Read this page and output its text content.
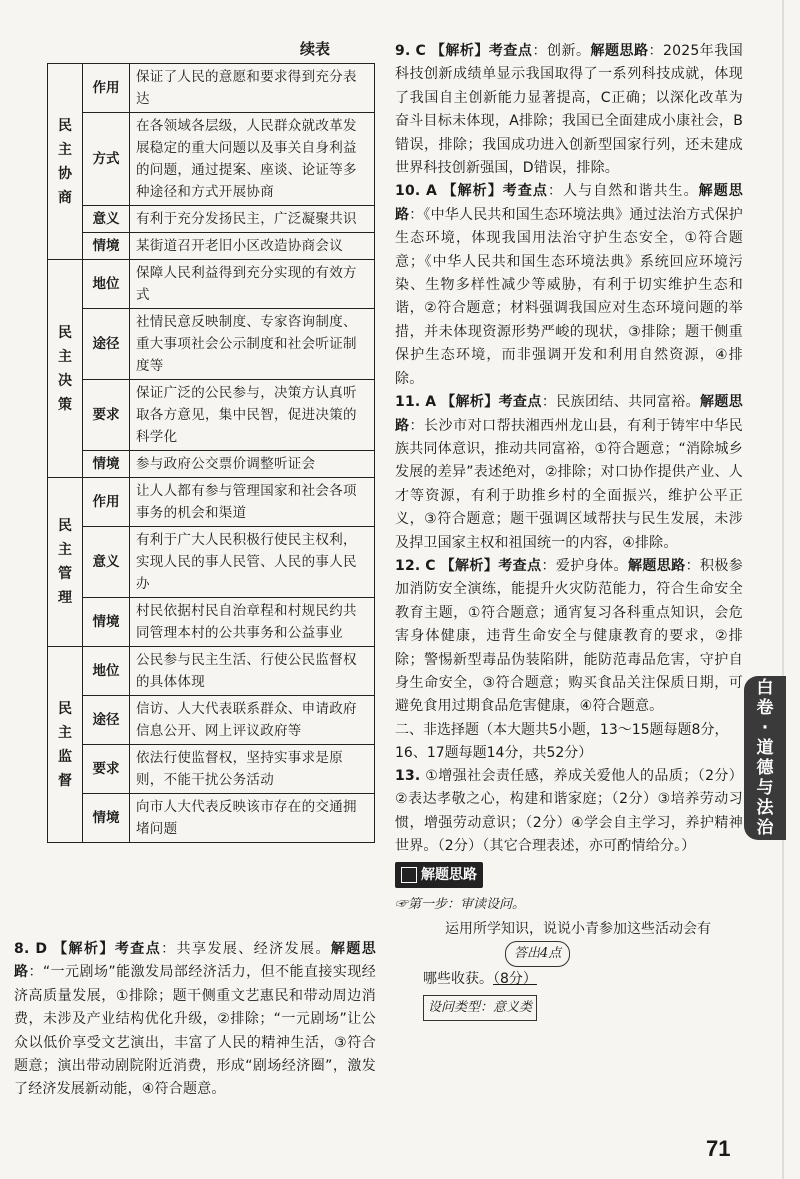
续表
民
主
协
商	作用	保证了人民的意愿和要求得到充分表达
	方式	在各领域各层级，人民群众就改革发展稳定的重大问题以及事关自身利益的问题，通过提案、座谈、论证等多种途径和方式开展协商
	意义	有利于充分发扬民主，广泛凝聚共识
	情境	某街道召开老旧小区改造协商会议

民
主
决
策	地位	保障人民利益得到充分实现的有效方式
	途径	社情民意反映制度、专家咨询制度、重大事项社会公示制度和社会听证制度等
	要求	保证广泛的公民参与，决策方认真听取各方意见，集中民智，促进决策的科学化
	情境	参与政府公交票价调整听证会

民
主
管
理	作用	让人人都有参与管理国家和社会各项事务的机会和渠道
	意义	有利于广大人民积极行使民主权利，实现人民的事人民管、人民的事人民办
	情境	村民依据村民自治章程和村规民约共同管理本村的公共事务和公益事业

民
主
监
督	地位	公民参与民主生活、行使公民监督权的具体体现
	途径	信访、人大代表联系群众、申请政府信息公开、网上评议政府等
	要求	依法行使监督权，坚持实事求是原则，不能干扰公务活动
	情境	向市人大代表反映该市存在的交通拥堵问题

8. D 【解析】考查点：共享发展、经济发展。解题思路：“一元剧场”能激发局部经济活力，但不能直接实现经济高质量发展，①排除；题干侧重文艺惠民和带动周边消费，未涉及产业结构优化升级，②排除；“一元剧场”让公众以低价享受文艺演出，丰富了人民的精神生活，③符合题意；演出带动剧院附近消费，形成“剧场经济圈”，激发了经济发展新动能，④符合题意。

9. C 【解析】考查点：创新。解题思路：2025年我国科技创新成绩单显示我国取得了一系列科技成就，体现了我国自主创新能力显著提高，C正确；以深化改革为奋斗目标未体现，A排除；我国已全面建成小康社会，B错误，排除；我国成功进入创新型国家行列，还未建成世界科技创新强国，D错误，排除。

10. A 【解析】考查点：人与自然和谐共生。解题思路：《中华人民共和国生态环境法典》通过法治方式保护生态环境，体现我国用法治守护生态安全，①符合题意；《中华人民共和国生态环境法典》系统回应环境污染、生物多样性减少等威胁，有利于切实维护生态和谐，②符合题意；材料强调我国应对生态环境问题的举措，并未体现资源形势严峻的现状，③排除；题干侧重保护生态环境，而非强调开发和利用自然资源，④排除。

11. A 【解析】考查点：民族团结、共同富裕。解题思路：长沙市对口帮扶湘西州龙山县，有利于铸牢中华民族共同体意识，推动共同富裕，①符合题意；“消除城乡发展的差异”表述绝对，②排除；对口协作提供产业、人才等资源，有利于助推乡村的全面振兴，维护公平正义，③符合题意；题干强调区域帮扶与民生发展，未涉及捍卫国家主权和祖国统一的内容，④排除。

12. C 【解析】考查点：爱护身体。解题思路：积极参加消防安全演练，能提升火灾防范能力，符合生命安全教育主题，①符合题意；通宵复习各科重点知识，会危害身体健康，违背生命安全与健康教育的要求，②排除；警惕新型毒品伪装陷阱，能防范毒品危害，守护自身生命安全，③符合题意；购买食品关注保质日期，可避免食用过期食品危害健康，④符合题意。

二、非选择题（本大题共5小题，13～15题每题8分，16、17题每题14分，共52分）

13. ①增强社会责任感，养成关爱他人的品质；（2分）②表达孝敬之心，构建和谐家庭；（2分）③培养劳动习惯，增强劳动意识；（2分）④学会自主学习，养护精神世界。（2分）（其它合理表述，亦可酌情给分。）

解题思路
☞第一步：审读设问。
运用所学知识，说说小青参加这些活动会有
答出4点
哪些收获。（8分）
设问类型：意义类
白
卷
·
道
德
与
法
治
71
